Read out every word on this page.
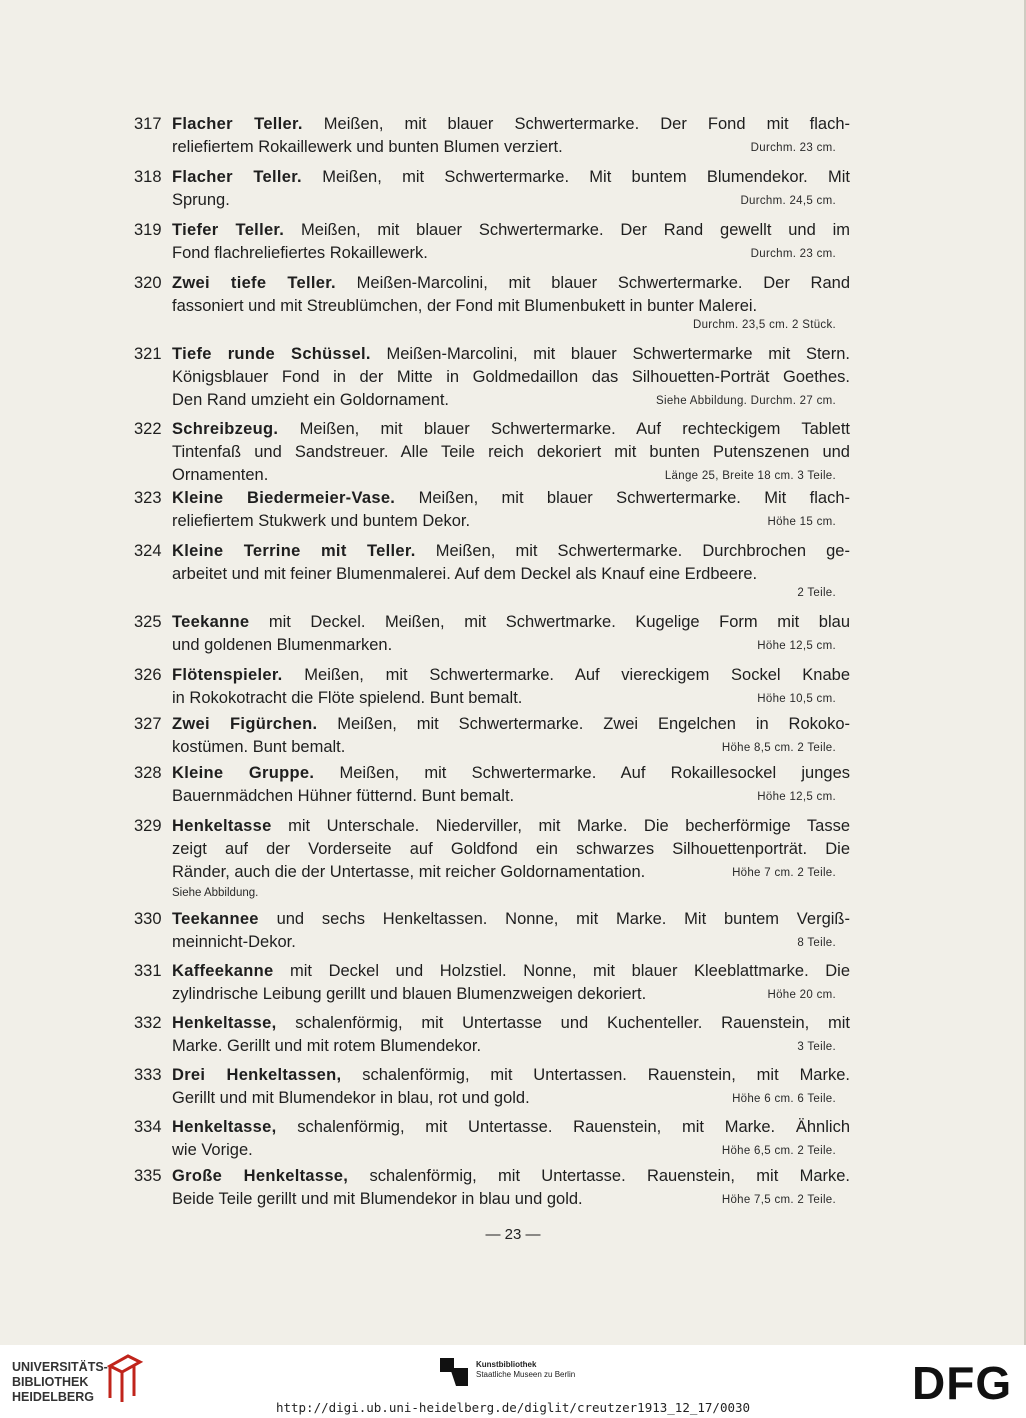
317 Flacher Teller. Meißen, mit blauer Schwertermarke. Der Fond mit flach-
reliefiertem Rokaillewerk und bunten Blumen verziert.	Durchm. 23 cm.
318 Flacher Teller. Meißen, mit Schwertermarke. Mit buntem Blumendekor. Mit
Sprung.	Durchm. 24,5 cm.
319 Tiefer Teller. Meißen, mit blauer Schwertermarke. Der Rand gewellt und im
Fond flachreliefiertes Rokaillewerk.	Durchm. 23 cm.
320 Zwei tiefe Teller. Meißen-Marcolini, mit blauer Schwertermarke. Der Rand
fassoniert und mit Streublümchen, der Fond mit Blumenbukett in bunter Malerei.
Durchm. 23,5 cm. 2 Stück.
321 Tiefe runde Schüssel. Meißen-Marcolini, mit blauer Schwertermarke mit Stern.
Königsblauer Fond in der Mitte in Goldmedaillon das Silhouetten-Porträt Goethes.
Den Rand umzieht ein Goldornament.	Siehe Abbildung. Durchm. 27 cm.
322 Schreibzeug. Meißen, mit blauer Schwertermarke. Auf rechteckigem Tablett
Tintenfaß und Sandstreuer. Alle Teile reich dekoriert mit bunten Putenszenen und
Ornamenten.	Länge 25, Breite 18 cm. 3 Teile.
323 Kleine Biedermeier-Vase. Meißen, mit blauer Schwertermarke. Mit flach-
reliefiertem Stukwerk und buntem Dekor.	Höhe 15 cm.
324 Kleine Terrine mit Teller. Meißen, mit Schwertermarke. Durchbrochen ge-
arbeitet und mit feiner Blumenmalerei. Auf dem Deckel als Knauf eine Erdbeere.
2 Teile.
325 Teekanne mit Deckel. Meißen, mit Schwertmarke. Kugelige Form mit blau
und goldenen Blumenmarken.	Höhe 12,5 cm.
326 Flötenspieler. Meißen, mit Schwertermarke. Auf viereckigem Sockel Knabe
in Rokokotracht die Flöte spielend. Bunt bemalt.	Höhe 10,5 cm.
327 Zwei Figürchen. Meißen, mit Schwertermarke. Zwei Engelchen in Rokoko-
kostümen. Bunt bemalt.	Höhe 8,5 cm. 2 Teile.
328 Kleine Gruppe. Meißen, mit Schwertermarke. Auf Rokaillesockel junges
Bauernmädchen Hühner fütternd. Bunt bemalt.	Höhe 12,5 cm.
329 Henkeltasse mit Unterschale. Niederviller, mit Marke. Die becherförmige Tasse
zeigt auf der Vorderseite auf Goldfond ein schwarzes Silhouettenporträt. Die
Ränder, auch die der Untertasse, mit reicher Goldornamentation.	Höhe 7 cm. 2 Teile.
Siehe Abbildung.
330 Teekannee und sechs Henkeltassen. Nonne, mit Marke. Mit buntem Vergiß-
meinnicht-Dekor.	8 Teile.
331 Kaffeekanne mit Deckel und Holzstiel. Nonne, mit blauer Kleeblattmarke. Die
zylindrische Leibung gerillt und blauen Blumenzweigen dekoriert.	Höhe 20 cm.
332 Henkeltasse, schalenförmig, mit Untertasse und Kuchenteller. Rauenstein, mit
Marke. Gerillt und mit rotem Blumendekor.	3 Teile.
333 Drei Henkeltassen, schalenförmig, mit Untertassen. Rauenstein, mit Marke.
Gerillt und mit Blumendekor in blau, rot und gold.	Höhe 6 cm. 6 Teile.
334 Henkeltasse, schalenförmig, mit Untertasse. Rauenstein, mit Marke. Ähnlich
wie Vorige.	Höhe 6,5 cm. 2 Teile.
335 Große Henkeltasse, schalenförmig, mit Untertasse. Rauenstein, mit Marke.
Beide Teile gerillt und mit Blumendekor in blau und gold.	Höhe 7,5 cm. 2 Teile.
— 23 —
UNIVERSITÄTS-
BIBLIOTHEK
HEIDELBERG
Kunstbibliothek
Staatliche Museen zu Berlin	DFG
http://digi.ub.uni-heidelberg.de/diglit/creutzer1913_12_17/0030
